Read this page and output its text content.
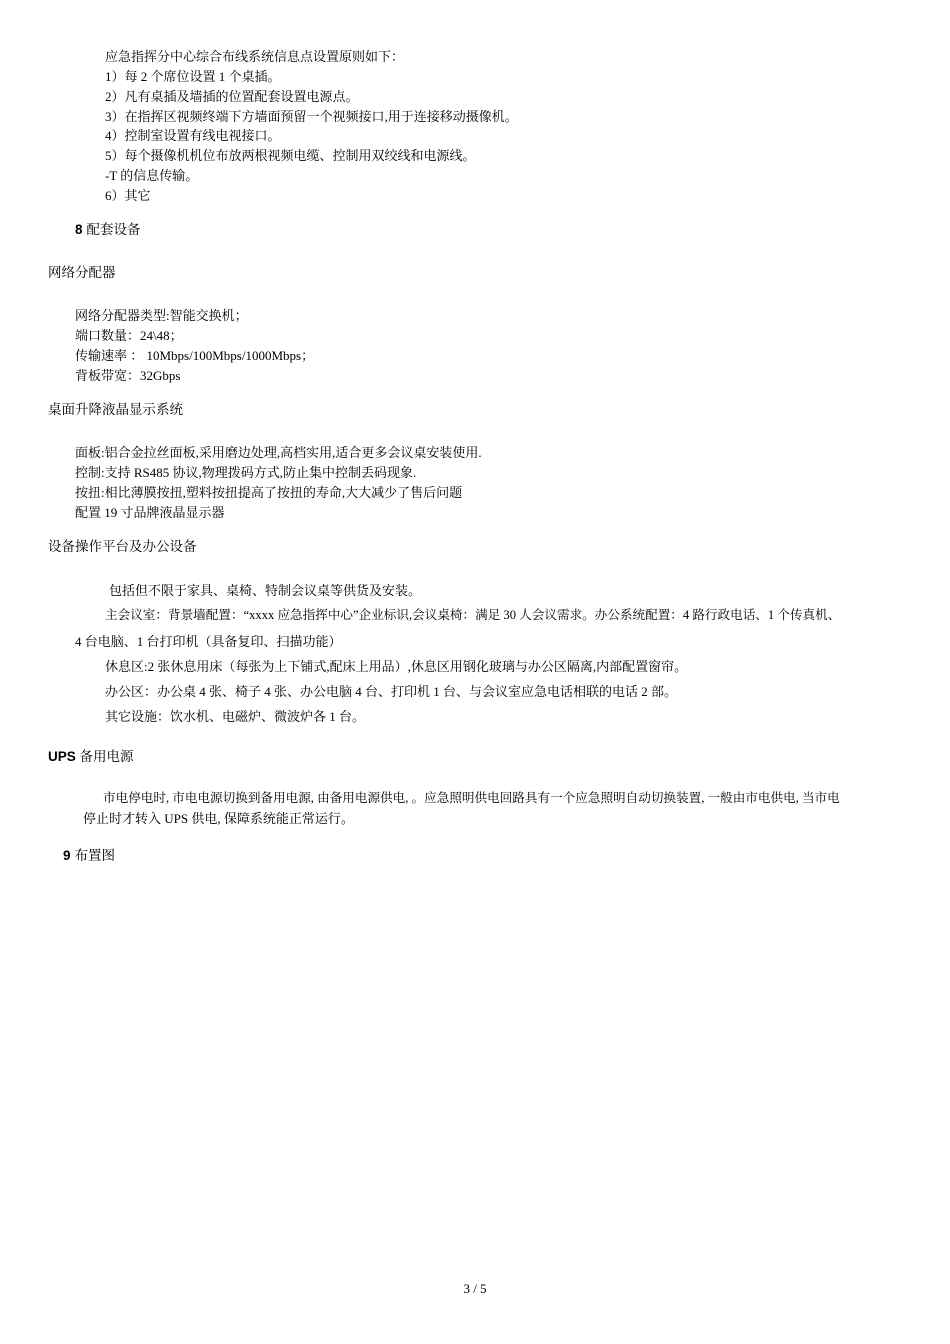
应急指挥分中心综合布线系统信息点设置原则如下：
1）每 2 个席位设置 1 个桌插。
2）凡有桌插及墙插的位置配套设置电源点。
3）在指挥区视频终端下方墙面预留一个视频接口,用于连接移动摄像机。
4）控制室设置有线电视接口。
5）每个摄像机机位布放两根视频电缆、控制用双绞线和电源线。
-T 的信息传输。
6）其它
8 配套设备
网络分配器
网络分配器类型:智能交换机；
端口数量：24\48；
传输速率 ： 10Mbps/100Mbps/1000Mbps；
背板带宽：32Gbps
桌面升降液晶显示系统
面板:铝合金拉丝面板,采用磨边处理,高档实用,适合更多会议桌安装使用.
控制:支持 RS485 协议,物理拨码方式,防止集中控制丢码现象.
按扭:相比薄膜按扭,塑料按扭提高了按扭的寿命,大大减少了售后问题
配置 19 寸品牌液晶显示器
设备操作平台及办公设备
包括但不限于家具、桌椅、特制会议桌等供货及安装。
主会议室：背景墙配置：“xxxx 应急指挥中心”企业标识,会议桌椅：满足 30 人会议需求。办公系统配置：4 路行政电话、1 个传真机、
4 台电脑、1 台打印机（具备复印、扫描功能）
休息区:2 张休息用床（每张为上下铺式,配床上用品）,休息区用钢化玻璃与办公区隔离,内部配置窗帘。
办公区：办公桌 4 张、椅子 4 张、办公电脑 4 台、打印机 1 台、与会议室应急电话相联的电话 2 部。
其它设施：饮水机、电磁炉、微波炉各 1 台。
UPS 备用电源
市电停电时, 市电电源切换到备用电源, 由备用电源供电, 。应急照明供电回路具有一个应急照明自动切换装置, 一般由市电供电, 当市电
停止时才转入 UPS 供电, 保障系统能正常运行。
9 布置图
3 / 5
